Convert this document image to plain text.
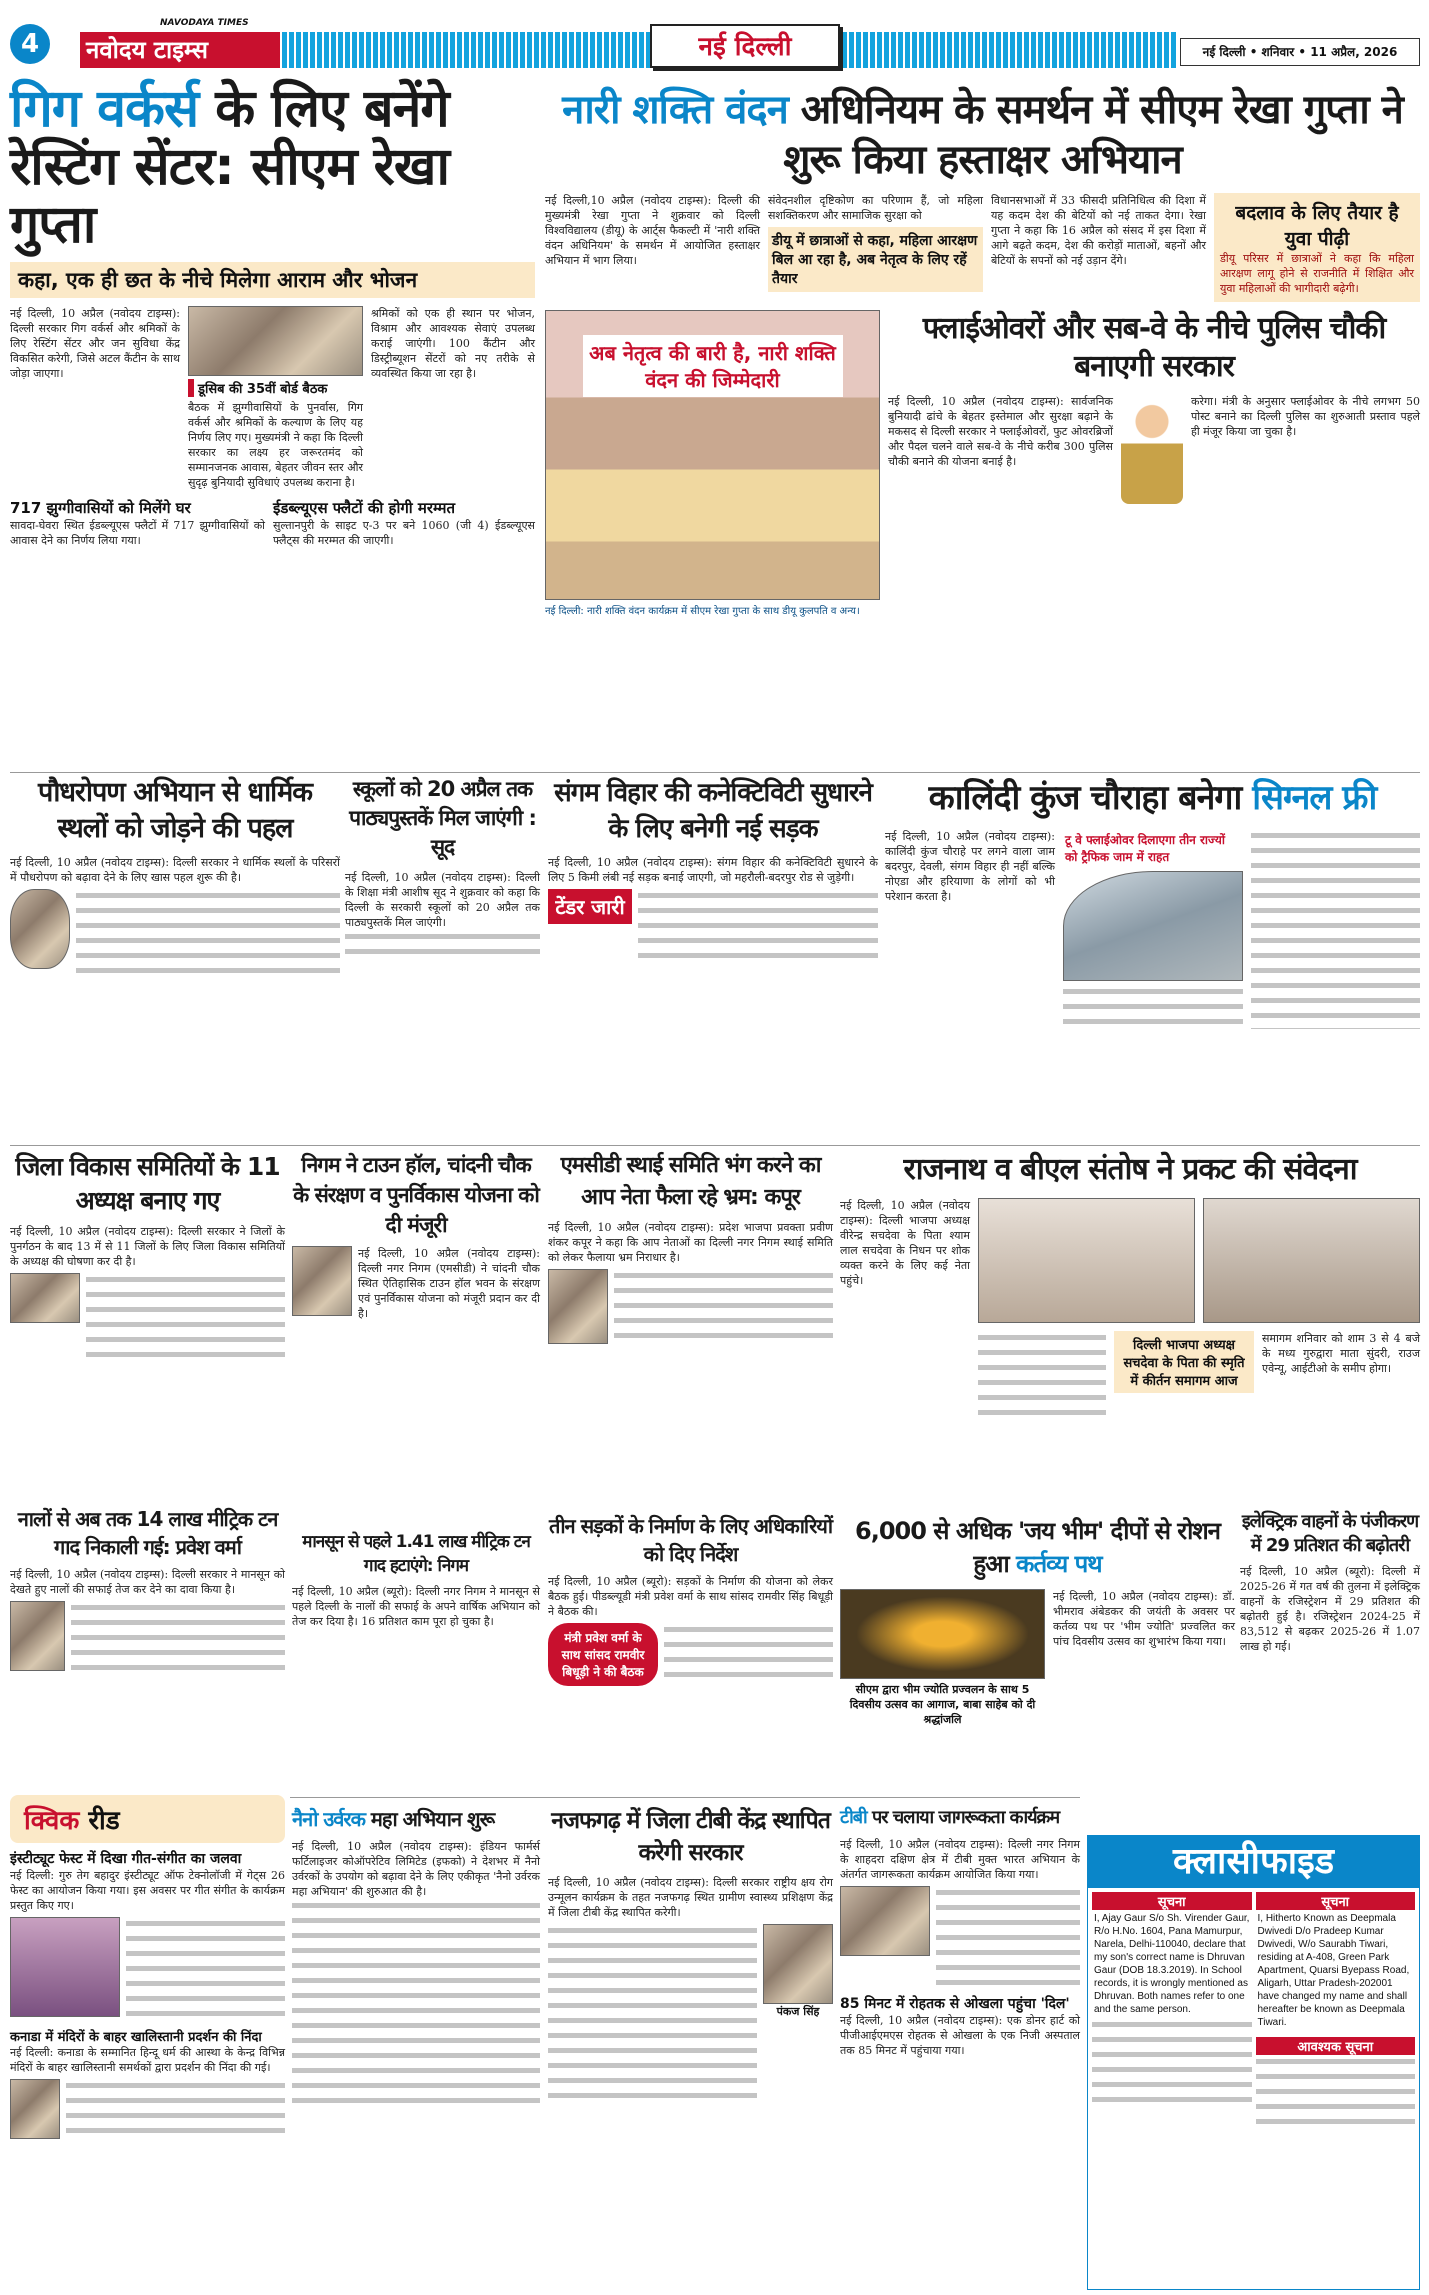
4
NAVODAYA TIMES
नवोदय टाइम्स	नई दिल्ली	नई दिल्ली • शनिवार • 11 अप्रैल, 2026
गिग वर्कर्स के लिए बनेंगे रेस्टिंग सेंटर: सीएम रेखा गुप्ता
कहा, एक ही छत के नीचे मिलेगा आराम और भोजन
नई दिल्ली, 10 अप्रैल (नवोदय टाइम्स): दिल्ली सरकार गिग वर्कर्स और श्रमिकों के लिए रेस्टिंग सेंटर और जन सुविधा केंद्र विकसित करेगी, जिसे अटल कैंटीन के साथ जोड़ा जाएगा।
डूसिब की 35वीं बोर्ड बैठक
बैठक में झुग्गीवासियों के पुनर्वास, गिग वर्कर्स और श्रमिकों के कल्याण के लिए यह निर्णय लिए गए। मुख्यमंत्री ने कहा कि दिल्ली सरकार का लक्ष्य हर जरूरतमंद को सम्मानजनक आवास, बेहतर जीवन स्तर और सुदृढ़ बुनियादी सुविधाएं उपलब्ध कराना है।
श्रमिकों को एक ही स्थान पर भोजन, विश्राम और आवश्यक सेवाएं उपलब्ध कराई जाएंगी। 100 कैंटीन और डिस्ट्रीब्यूशन सेंटरों को नए तरीके से व्यवस्थित किया जा रहा है।
717 झुग्गीवासियों को मिलेंगे घर
सावदा-घेवरा स्थित ईडब्ल्यूएस फ्लैटों में 717 झुग्गीवासियों को आवास देने का निर्णय लिया गया।
ईडब्ल्यूएस फ्लैटों की होगी मरम्मत
सुल्तानपुरी के साइट ए-3 पर बने 1060 (जी 4) ईडब्ल्यूएस फ्लैट्स की मरम्मत की जाएगी।
नारी शक्ति वंदन अधिनियम के समर्थन में सीएम रेखा गुप्ता ने शुरू किया हस्ताक्षर अभियान
नई दिल्ली,10 अप्रैल (नवोदय टाइम्स): दिल्ली की मुख्यमंत्री रेखा गुप्ता ने शुक्रवार को दिल्ली विश्वविद्यालय (डीयू) के आर्ट्स फैकल्टी में 'नारी शक्ति वंदन अधिनियम' के समर्थन में आयोजित हस्ताक्षर अभियान में भाग लिया।
संवेदनशील दृष्टिकोण का परिणाम हैं, जो महिला सशक्तिकरण और सामाजिक सुरक्षा को
डीयू में छात्राओं से कहा, महिला आरक्षण बिल आ रहा है, अब नेतृत्व के लिए रहें तैयार
विधानसभाओं में 33 फीसदी प्रतिनिधित्व की दिशा में यह कदम देश की बेटियों को नई ताकत देगा। रेखा गुप्ता ने कहा कि 16 अप्रैल को संसद में इस दिशा में आगे बढ़ते कदम, देश की करोड़ों माताओं, बहनों और बेटियों के सपनों को नई उड़ान देंगे।
बदलाव के लिए तैयार है युवा पीढ़ी
डीयू परिसर में छात्राओं ने कहा कि महिला आरक्षण लागू होने से राजनीति में शिक्षित और युवा महिलाओं की भागीदारी बढ़ेगी।
अब नेतृत्व की बारी है, नारी शक्ति वंदन की जिम्मेदारी
नई दिल्ली: नारी शक्ति वंदन कार्यक्रम में सीएम रेखा गुप्ता के साथ डीयू कुलपति व अन्य।
फ्लाईओवरों और सब-वे के नीचे पुलिस चौकी बनाएगी सरकार
नई दिल्ली, 10 अप्रैल (नवोदय टाइम्स): सार्वजनिक बुनियादी ढांचे के बेहतर इस्तेमाल और सुरक्षा बढ़ाने के मकसद से दिल्ली सरकार ने फ्लाईओवरों, फुट ओवरब्रिजों और पैदल चलने वाले सब-वे के नीचे करीब 300 पुलिस चौकी बनाने की योजना बनाई है।
करेगा। मंत्री के अनुसार फ्लाईओवर के नीचे लगभग 50 पोस्ट बनाने का दिल्ली पुलिस का शुरुआती प्रस्ताव पहले ही मंजूर किया जा चुका है।
पौधरोपण अभियान से धार्मिक स्थलों को जोड़ने की पहल
नई दिल्ली, 10 अप्रैल (नवोदय टाइम्स): दिल्ली सरकार ने धार्मिक स्थलों के परिसरों में पौधरोपण को बढ़ावा देने के लिए खास पहल शुरू की है।
स्कूलों को 20 अप्रैल तक पाठ्यपुस्तकें मिल जाएंगी : सूद
नई दिल्ली, 10 अप्रैल (नवोदय टाइम्स): दिल्ली के शिक्षा मंत्री आशीष सूद ने शुक्रवार को कहा कि दिल्ली के सरकारी स्कूलों को 20 अप्रैल तक पाठ्यपुस्तकें मिल जाएंगी।
संगम विहार की कनेक्टिविटी सुधारने के लिए बनेगी नई सड़क
नई दिल्ली, 10 अप्रैल (नवोदय टाइम्स): संगम विहार की कनेक्टिविटी सुधारने के लिए 5 किमी लंबी नई सड़क बनाई जाएगी, जो महरौली-बदरपुर रोड से जुड़ेगी।
टेंडर जारी
कालिंदी कुंज चौराहा बनेगा सिग्नल फ्री
नई दिल्ली, 10 अप्रैल (नवोदय टाइम्स): कालिंदी कुंज चौराहे पर लगने वाला जाम बदरपुर, देवली, संगम विहार ही नहीं बल्कि नोएडा और हरियाणा के लोगों को भी परेशान करता है।
टू वे फ्लाईओवर दिलाएगा तीन राज्यों को ट्रैफिक जाम में राहत
जिला विकास समितियों के 11 अध्यक्ष बनाए गए
नई दिल्ली, 10 अप्रैल (नवोदय टाइम्स): दिल्ली सरकार ने जिलों के पुनर्गठन के बाद 13 में से 11 जिलों के लिए जिला विकास समितियों के अध्यक्ष की घोषणा कर दी है।
निगम ने टाउन हॉल, चांदनी चौक के संरक्षण व पुनर्विकास योजना को दी मंजूरी
नई दिल्ली, 10 अप्रैल (नवोदय टाइम्स): दिल्ली नगर निगम (एमसीडी) ने चांदनी चौक स्थित ऐतिहासिक टाउन हॉल भवन के संरक्षण एवं पुनर्विकास योजना को मंजूरी प्रदान कर दी है।
एमसीडी स्थाई समिति भंग करने का आप नेता फैला रहे भ्रम: कपूर
नई दिल्ली, 10 अप्रैल (नवोदय टाइम्स): प्रदेश भाजपा प्रवक्ता प्रवीण शंकर कपूर ने कहा कि आप नेताओं का दिल्ली नगर निगम स्थाई समिति को लेकर फैलाया भ्रम निराधार है।
राजनाथ व बीएल संतोष ने प्रकट की संवेदना
नई दिल्ली, 10 अप्रैल (नवोदय टाइम्स): दिल्ली भाजपा अध्यक्ष वीरेन्द्र सचदेवा के पिता श्याम लाल सचदेवा के निधन पर शोक व्यक्त करने के लिए कई नेता पहुंचे।
दिल्ली भाजपा अध्यक्ष सचदेवा के पिता की स्मृति में कीर्तन समागम आज
समागम शनिवार को शाम 3 से 4 बजे के मध्य गुरुद्वारा माता सुंदरी, राउज एवेन्यू, आईटीओ के समीप होगा।
नालों से अब तक 14 लाख मीट्रिक टन गाद निकाली गई: प्रवेश वर्मा
नई दिल्ली, 10 अप्रैल (नवोदय टाइम्स): दिल्ली सरकार ने मानसून को देखते हुए नालों की सफाई तेज कर देने का दावा किया है।
मानसून से पहले 1.41 लाख मीट्रिक टन गाद हटाएंगे: निगम
नई दिल्ली, 10 अप्रैल (ब्यूरो): दिल्ली नगर निगम ने मानसून से पहले दिल्ली के नालों की सफाई के अपने वार्षिक अभियान को तेज कर दिया है। 16 प्रतिशत काम पूरा हो चुका है।
तीन सड़कों के निर्माण के लिए अधिकारियों को दिए निर्देश
नई दिल्ली, 10 अप्रैल (ब्यूरो): सड़कों के निर्माण की योजना को लेकर बैठक हुई। पीडब्ल्यूडी मंत्री प्रवेश वर्मा के साथ सांसद रामवीर सिंह बिधूड़ी ने बैठक की।
मंत्री प्रवेश वर्मा के साथ सांसद रामवीर बिधूड़ी ने की बैठक
6,000 से अधिक 'जय भीम' दीपों से रोशन हुआ कर्तव्य पथ
सीएम द्वारा भीम ज्योति प्रज्वलन के साथ 5 दिवसीय उत्सव का आगाज, बाबा साहेब को दी श्रद्धांजलि
नई दिल्ली, 10 अप्रैल (नवोदय टाइम्स): डॉ. भीमराव अंबेडकर की जयंती के अवसर पर कर्तव्य पथ पर 'भीम ज्योति' प्रज्वलित कर पांच दिवसीय उत्सव का शुभारंभ किया गया।
इलेक्ट्रिक वाहनों के पंजीकरण में 29 प्रतिशत की बढ़ोतरी
नई दिल्ली, 10 अप्रैल (ब्यूरो): दिल्ली में 2025-26 में गत वर्ष की तुलना में इलेक्ट्रिक वाहनों के रजिस्ट्रेशन में 29 प्रतिशत की बढ़ोतरी हुई है। रजिस्ट्रेशन 2024-25 में 83,512 से बढ़कर 2025-26 में 1.07 लाख हो गई।
क्विक रीड
इंस्टीट्यूट फेस्ट में दिखा गीत-संगीत का जलवा
नई दिल्ली: गुरु तेग बहादुर इंस्टीट्यूट ऑफ टेक्नोलॉजी में गेट्स 26 फेस्ट का आयोजन किया गया। इस अवसर पर गीत संगीत के कार्यक्रम प्रस्तुत किए गए।
कनाडा में मंदिरों के बाहर खालिस्तानी प्रदर्शन की निंदा
नई दिल्ली: कनाडा के सम्मानित हिन्दू धर्म की आस्था के केन्द्र विभिन्न मंदिरों के बाहर खालिस्तानी समर्थकों द्वारा प्रदर्शन की निंदा की गई।
नैनो उर्वरक महा अभियान शुरू
नई दिल्ली, 10 अप्रैल (नवोदय टाइम्स): इंडियन फार्मर्स फर्टिलाइजर कोऑपरेटिव लिमिटेड (इफको) ने देशभर में नैनो उर्वरकों के उपयोग को बढ़ावा देने के लिए एकीकृत 'नैनो उर्वरक महा अभियान' की शुरुआत की है।
नजफगढ़ में जिला टीबी केंद्र स्थापित करेगी सरकार
नई दिल्ली, 10 अप्रैल (नवोदय टाइम्स): दिल्ली सरकार राष्ट्रीय क्षय रोग उन्मूलन कार्यक्रम के तहत नजफगढ़ स्थित ग्रामीण स्वास्थ्य प्रशिक्षण केंद्र में जिला टीबी केंद्र स्थापित करेगी।
पंकज सिंह
टीबी पर चलाया जागरूकता कार्यक्रम
नई दिल्ली, 10 अप्रैल (नवोदय टाइम्स): दिल्ली नगर निगम के शाहदरा दक्षिण क्षेत्र में टीबी मुक्त भारत अभियान के अंतर्गत जागरूकता कार्यक्रम आयोजित किया गया।
85 मिनट में रोहतक से ओखला पहुंचा 'दिल'
नई दिल्ली, 10 अप्रैल (नवोदय टाइम्स): एक डोनर हार्ट को पीजीआईएमएस रोहतक से ओखला के एक निजी अस्पताल तक 85 मिनट में पहुंचाया गया।
क्लासीफाइड
सूचना
I, Ajay Gaur S/o Sh. Virender Gaur, R/o H.No. 1604, Pana Mamurpur, Narela, Delhi-110040, declare that my son's correct name is Dhruvan Gaur (DOB 18.3.2019). In School records, it is wrongly mentioned as Dhruvan. Both names refer to one and the same person.
सूचना
I, Hitherto Known as Deepmala Dwivedi D/o Pradeep Kumar Dwivedi, W/o Saurabh Tiwari, residing at A-408, Green Park Apartment, Quarsi Byepass Road, Aligarh, Uttar Pradesh-202001 have changed my name and shall hereafter be known as Deepmala Tiwari.
आवश्यक सूचना
